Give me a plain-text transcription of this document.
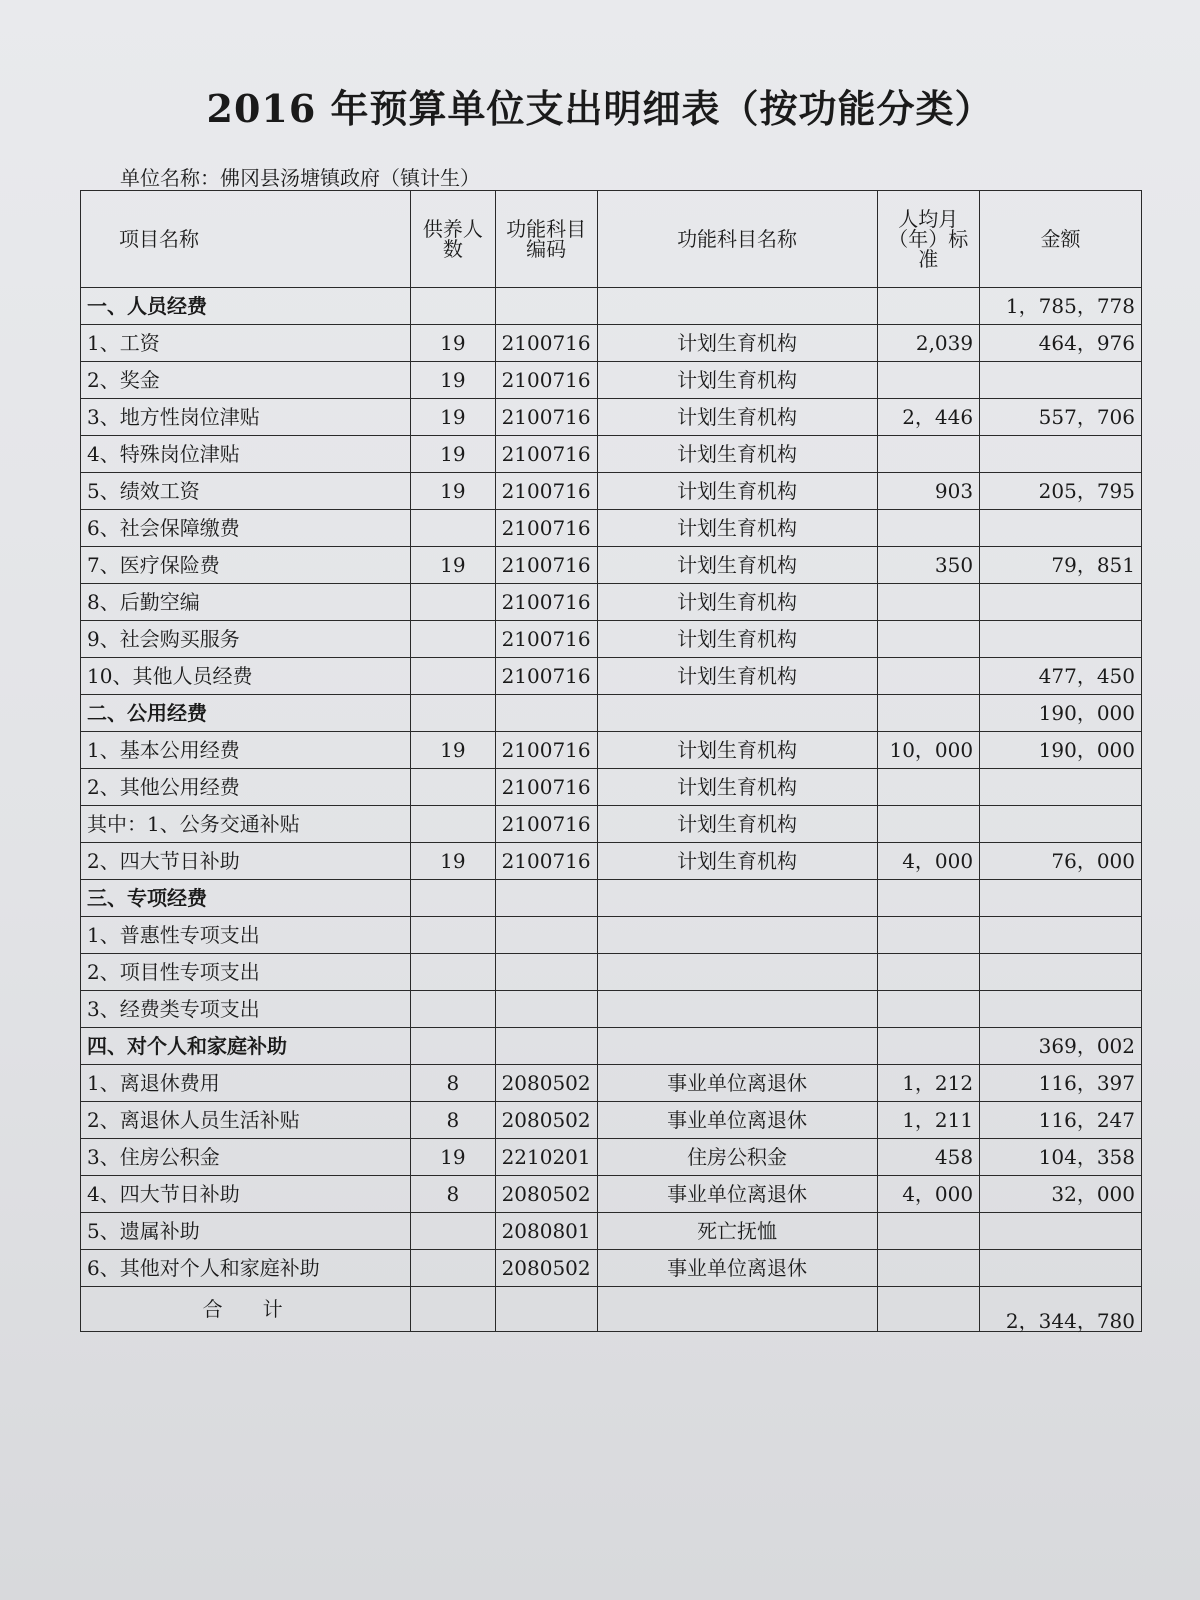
2016 年预算单位支出明细表（按功能分类）
单位名称：佛冈县汤塘镇政府（镇计生）
项目名称	供养人数	功能科目编码	功能科目名称	人均月（年）标准	金额
一、人员经费					1，785，778
1、工资	19	2100716	计划生育机构	2,039	464，976
2、奖金	19	2100716	计划生育机构		
3、地方性岗位津贴	19	2100716	计划生育机构	2，446	557，706
4、特殊岗位津贴	19	2100716	计划生育机构		
5、绩效工资	19	2100716	计划生育机构	903	205，795
6、社会保障缴费		2100716	计划生育机构		
7、医疗保险费	19	2100716	计划生育机构	350	79，851
8、后勤空编		2100716	计划生育机构		
9、社会购买服务		2100716	计划生育机构		
10、其他人员经费		2100716	计划生育机构		477，450
二、公用经费					190，000
1、基本公用经费	19	2100716	计划生育机构	10，000	190，000
2、其他公用经费		2100716	计划生育机构		
其中：1、公务交通补贴		2100716	计划生育机构		
2、四大节日补助	19	2100716	计划生育机构	4，000	76，000
三、专项经费					
1、普惠性专项支出					
2、项目性专项支出					
3、经费类专项支出					
四、对个人和家庭补助					369，002
1、离退休费用	8	2080502	事业单位离退休	1，212	116，397
2、离退休人员生活补贴	8	2080502	事业单位离退休	1，211	116，247
3、住房公积金	19	2210201	住房公积金	458	104，358
4、四大节日补助	8	2080502	事业单位离退休	4，000	32，000
5、遗属补助		2080801	死亡抚恤		
6、其他对个人和家庭补助		2080502	事业单位离退休		
合计					2，344，780
